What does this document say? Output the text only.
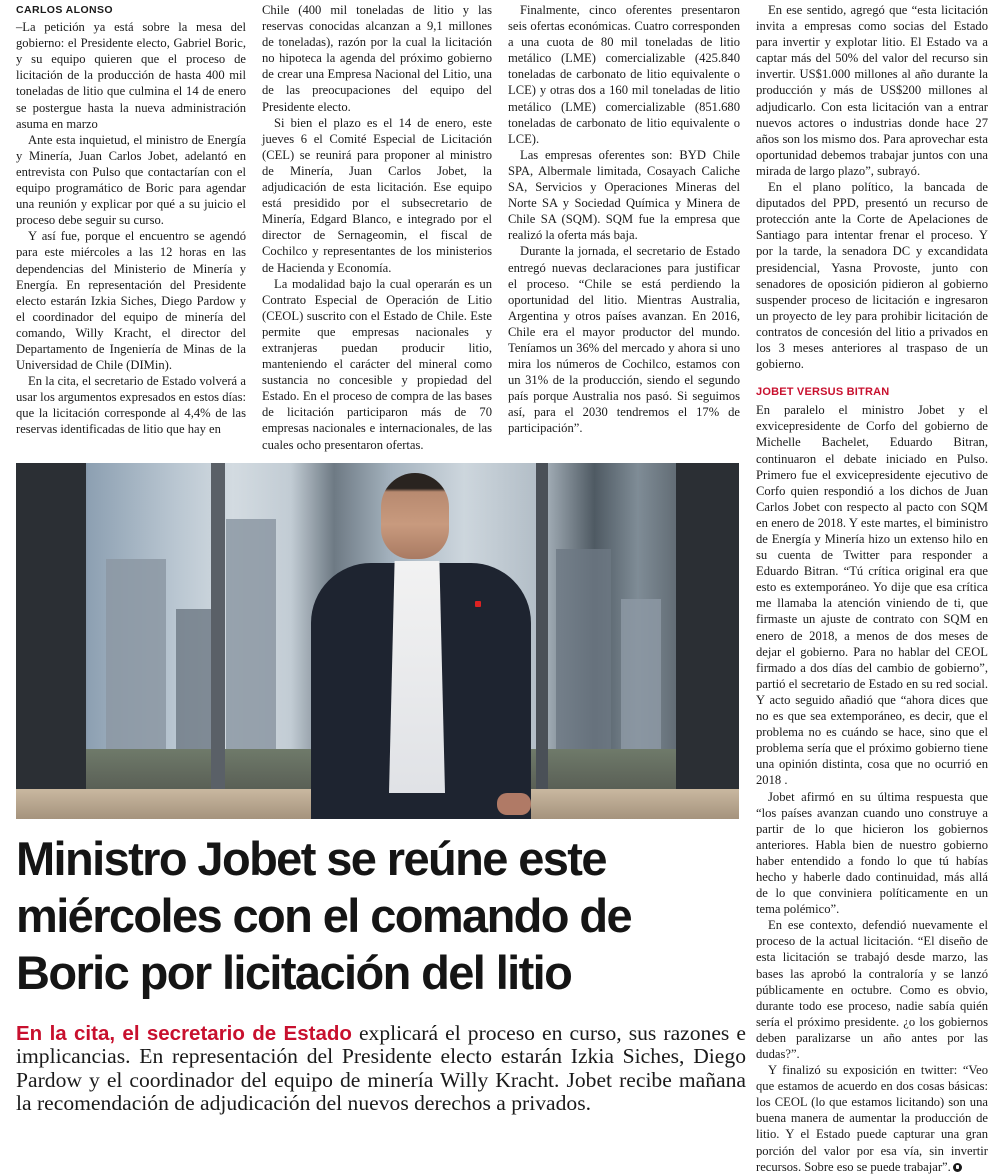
CARLOS ALONSO

–La petición ya está sobre la mesa del gobierno: el Presidente electo, Gabriel Boric, y su equipo quieren que el proceso de licitación de la producción de hasta 400 mil toneladas de litio que culmina el 14 de enero se postergue hasta la nueva administración asuma en marzo

Ante esta inquietud, el ministro de Energía y Minería, Juan Carlos Jobet, adelantó en entrevista con Pulso que contactarían con el equipo programático de Boric para agendar una reunión y explicar por qué a su juicio el proceso debe seguir su curso.

Y así fue, porque el encuentro se agendó para este miércoles a las 12 horas en las dependencias del Ministerio de Minería y Energía. En representación del Presidente electo estarán Izkia Siches, Diego Pardow y el coordinador del equipo de minería del comando, Willy Kracht, el director del Departamento de Ingeniería de Minas de la Universidad de Chile (DIMin).

En la cita, el secretario de Estado volverá a usar los argumentos expresados en estos días: que la licitación corresponde al 4,4% de las reservas identificadas de litio que hay en

Chile (400 mil toneladas de litio y las reservas conocidas alcanzan a 9,1 millones de toneladas), razón por la cual la licitación no hipoteca la agenda del próximo gobierno de crear una Empresa Nacional del Litio, una de las preocupaciones del equipo del Presidente electo.

Si bien el plazo es el 14 de enero, este jueves 6 el Comité Especial de Licitación (CEL) se reunirá para proponer al ministro de Minería, Juan Carlos Jobet, la adjudicación de esta licitación. Ese equipo está presidido por el subsecretario de Minería, Edgard Blanco, e integrado por el director de Sernageomin, el fiscal de Cochilco y representantes de los ministerios de Hacienda y Economía.

La modalidad bajo la cual operarán es un Contrato Especial de Operación de Litio (CEOL) suscrito con el Estado de Chile. Este permite que empresas nacionales y extranjeras puedan producir litio, manteniendo el carácter del mineral como sustancia no concesible y propiedad del Estado. En el proceso de compra de las bases de licitación participaron más de 70 empresas nacionales e internacionales, de las cuales ocho presentaron ofertas.

Finalmente, cinco oferentes presentaron seis ofertas económicas. Cuatro corresponden a una cuota de 80 mil toneladas de litio metálico (LME) comercializable (425.840 toneladas de carbonato de litio equivalente o LCE) y otras dos a 160 mil toneladas de litio metálico (LME) comercializable (851.680 toneladas de carbonato de litio equivalente o LCE).

Las empresas oferentes son: BYD Chile SPA, Albermale limitada, Cosayach Caliche SA, Servicios y Operaciones Mineras del Norte SA y Sociedad Química y Minera de Chile SA (SQM). SQM fue la empresa que realizó la oferta más baja.

Durante la jornada, el secretario de Estado entregó nuevas declaraciones para justificar el proceso. “Chile se está perdiendo la oportunidad del litio. Mientras Australia, Argentina y otros países avanzan. En 2016, Chile era el mayor productor del mundo. Teníamos un 36% del mercado y ahora si uno mira los números de Cochilco, estamos con un 31% de la producción, siendo el segundo país porque Australia nos pasó. Si seguimos así, para el 2030 tendremos el 17% de participación”.

En ese sentido, agregó que “esta licitación invita a empresas como socias del Estado para invertir y explotar litio. El Estado va a captar más del 50% del valor del recurso sin invertir. US$1.000 millones al año durante la producción y más de US$200 millones al adjudicarlo. Con esta licitación van a entrar nuevos actores o industrias donde hace 27 años son los mismo dos. Para aprovechar esta oportunidad debemos trabajar juntos con una mirada de largo plazo”, subrayó.

En el plano político, la bancada de diputados del PPD, presentó un recurso de protección ante la Corte de Apelaciones de Santiago para intentar frenar el proceso. Y por la tarde, la senadora DC y excandidata presidencial, Yasna Provoste, junto con senadores de oposición pidieron al gobierno suspender proceso de licitación e ingresaron un proyecto de ley para prohibir licitación de contratos de concesión del litio a privados en los 3 meses anteriores al traspaso de un gobierno.

JOBET VERSUS BITRAN

En paralelo el ministro Jobet y el exvicepresidente de Corfo del gobierno de Michelle Bachelet, Eduardo Bitran, continuaron el debate iniciado en Pulso. Primero fue el exvicepresidente ejecutivo de Corfo quien respondió a los dichos de Juan Carlos Jobet con respecto al pacto con SQM en enero de 2018. Y este martes, el biministro de Energía y Minería hizo un extenso hilo en su cuenta de Twitter para responder a Eduardo Bitran. “Tú crítica original era que esto es extemporáneo. Yo dije que esa crítica me llamaba la atención viniendo de ti, que firmaste un ajuste de contrato con SQM en enero de 2018, a menos de dos meses de dejar el gobierno. Para no hablar del CEOL firmado a dos días del cambio de gobierno”, partió el secretario de Estado en su red social. Y acto seguido añadió que “ahora dices que no es que sea extemporáneo, es decir, que el problema no es cuándo se hace, sino que el problema sería que el próximo gobierno tiene una opinión distinta, cosa que no ocurrió en 2018 .

Jobet afirmó en su última respuesta que “los países avanzan cuando uno construye a partir de lo que hicieron los gobiernos anteriores. Habla bien de nuestro gobierno haber entendido a fondo lo que tú habías hecho y haberle dado continuidad, más allá de lo que conviniera políticamente en un tema polémico”.

En ese contexto, defendió nuevamente el proceso de la actual licitación. “El diseño de esta licitación se trabajó desde marzo, las bases las aprobó la contraloría y se lanzó públicamente en octubre. Como es obvio, durante todo ese proceso, nadie sabía quién sería el próximo presidente. ¿o los gobiernos deben paralizarse un año antes por las dudas?”.

Y finalizó su exposición en twitter: “Veo que estamos de acuerdo en dos cosas básicas: los CEOL (lo que estamos licitando) son una buena manera de aumentar la producción de litio. Y el Estado puede capturar una gran porción del valor por esa vía, sin invertir recursos. Sobre eso se puede trabajar”.

Ministro Jobet se reúne este miércoles con el comando de Boric por licitación del litio

En la cita, el secretario de Estado explicará el proceso en curso, sus razones e implicancias. En representación del Presidente electo estarán Izkia Siches, Diego Pardow y el coordinador del equipo de minería Willy Kracht. Jobet recibe mañana la recomendación de adjudicación del nuevos derechos a privados.
